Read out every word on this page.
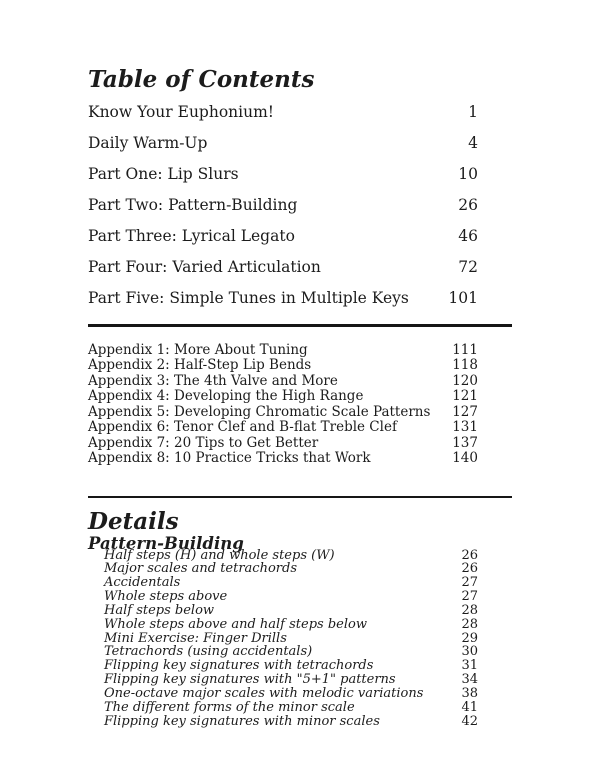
Table of Contents
Know Your Euphonium!	1
Daily Warm-Up	4
Part One: Lip Slurs	10
Part Two: Pattern-Building	26
Part Three: Lyrical Legato	46
Part Four: Varied Articulation	72
Part Five: Simple Tunes in Multiple Keys	101
Appendix 1: More About Tuning	111
Appendix 2: Half-Step Lip Bends	118
Appendix 3: The 4th Valve and More	120
Appendix 4: Developing the High Range	121
Appendix 5: Developing Chromatic Scale Patterns 127
Appendix 6: Tenor Clef and B-flat Treble Clef	131
Appendix 7: 20 Tips to Get Better	137
Appendix 8: 10 Practice Tricks that Work	140
Details
Pattern-Building
Half steps (H) and whole steps (W)	26
Major scales and tetrachords	26
Accidentals	27
Whole steps above	27
Half steps below	28
Whole steps above and half steps below	28
Mini Exercise: Finger Drills	29
Tetrachords (using accidentals)	30
Flipping key signatures with tetrachords	31
Flipping key signatures with "5+1" patterns	34
One-octave major scales with melodic variations	38
The different forms of the minor scale	41
Flipping key signatures with minor scales	42
